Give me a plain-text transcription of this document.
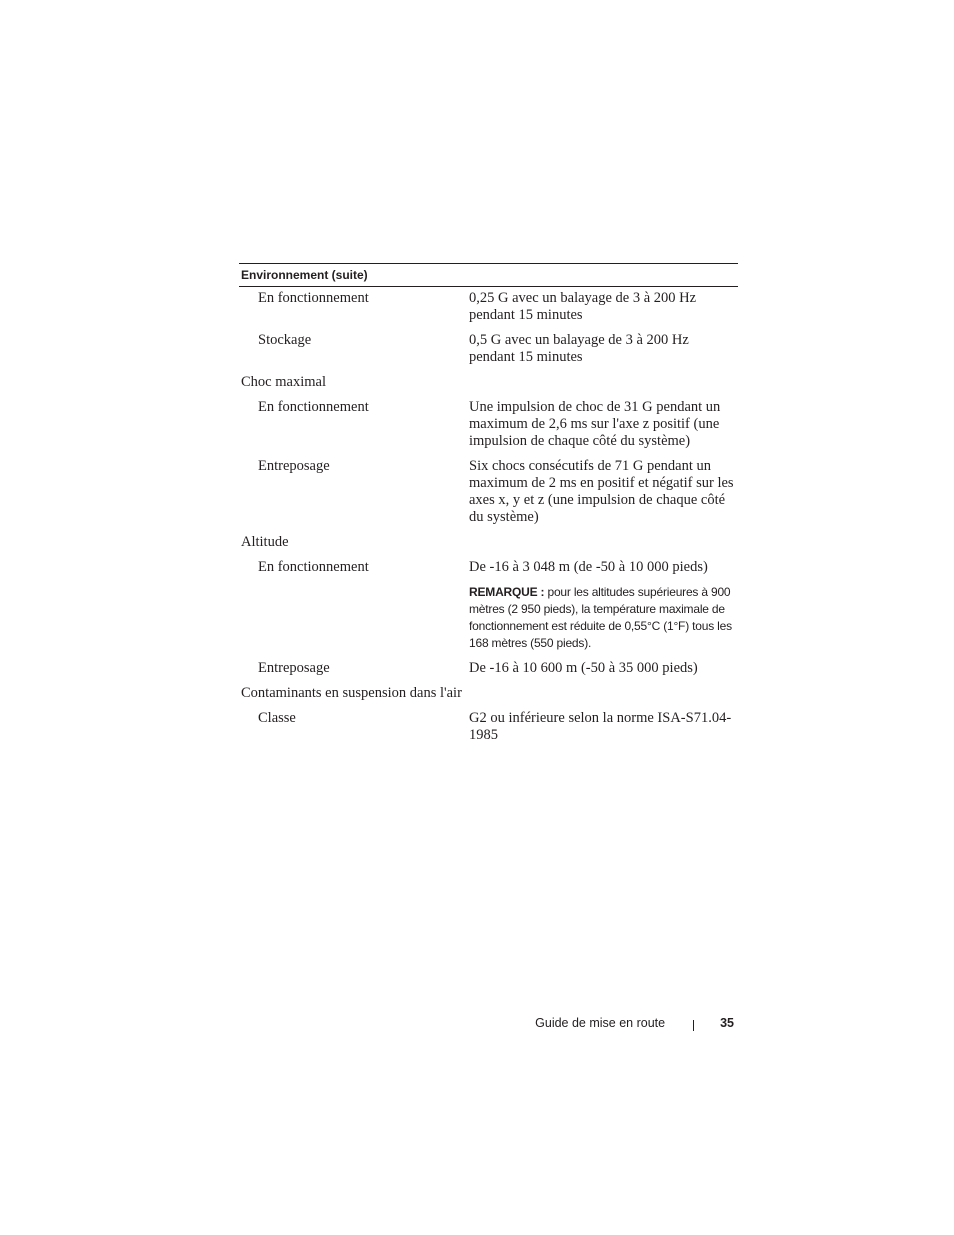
Environnement (suite)
En fonctionnement	0,25 G avec un balayage de 3 à 200 Hz pendant 15 minutes
Stockage	0,5 G avec un balayage de 3 à 200 Hz pendant 15 minutes
Choc maximal
En fonctionnement	Une impulsion de choc de 31 G pendant un maximum de 2,6 ms sur l'axe z positif (une impulsion de chaque côté du système)
Entreposage	Six chocs consécutifs de 71 G pendant un maximum de 2 ms en positif et négatif sur les axes x, y et z (une impulsion de chaque côté du système)
Altitude
En fonctionnement	De -16 à 3 048 m (de -50 à 10 000 pieds)
REMARQUE : pour les altitudes supérieures à 900 mètres (2 950 pieds), la température maximale de fonctionnement est réduite de 0,55°C (1°F) tous les 168 mètres (550 pieds).
Entreposage	De -16 à 10 600 m (-50 à 35 000 pieds)
Contaminants en suspension dans l'air
Classe	G2 ou inférieure selon la norme ISA-S71.04-1985
Guide de mise en route	35
